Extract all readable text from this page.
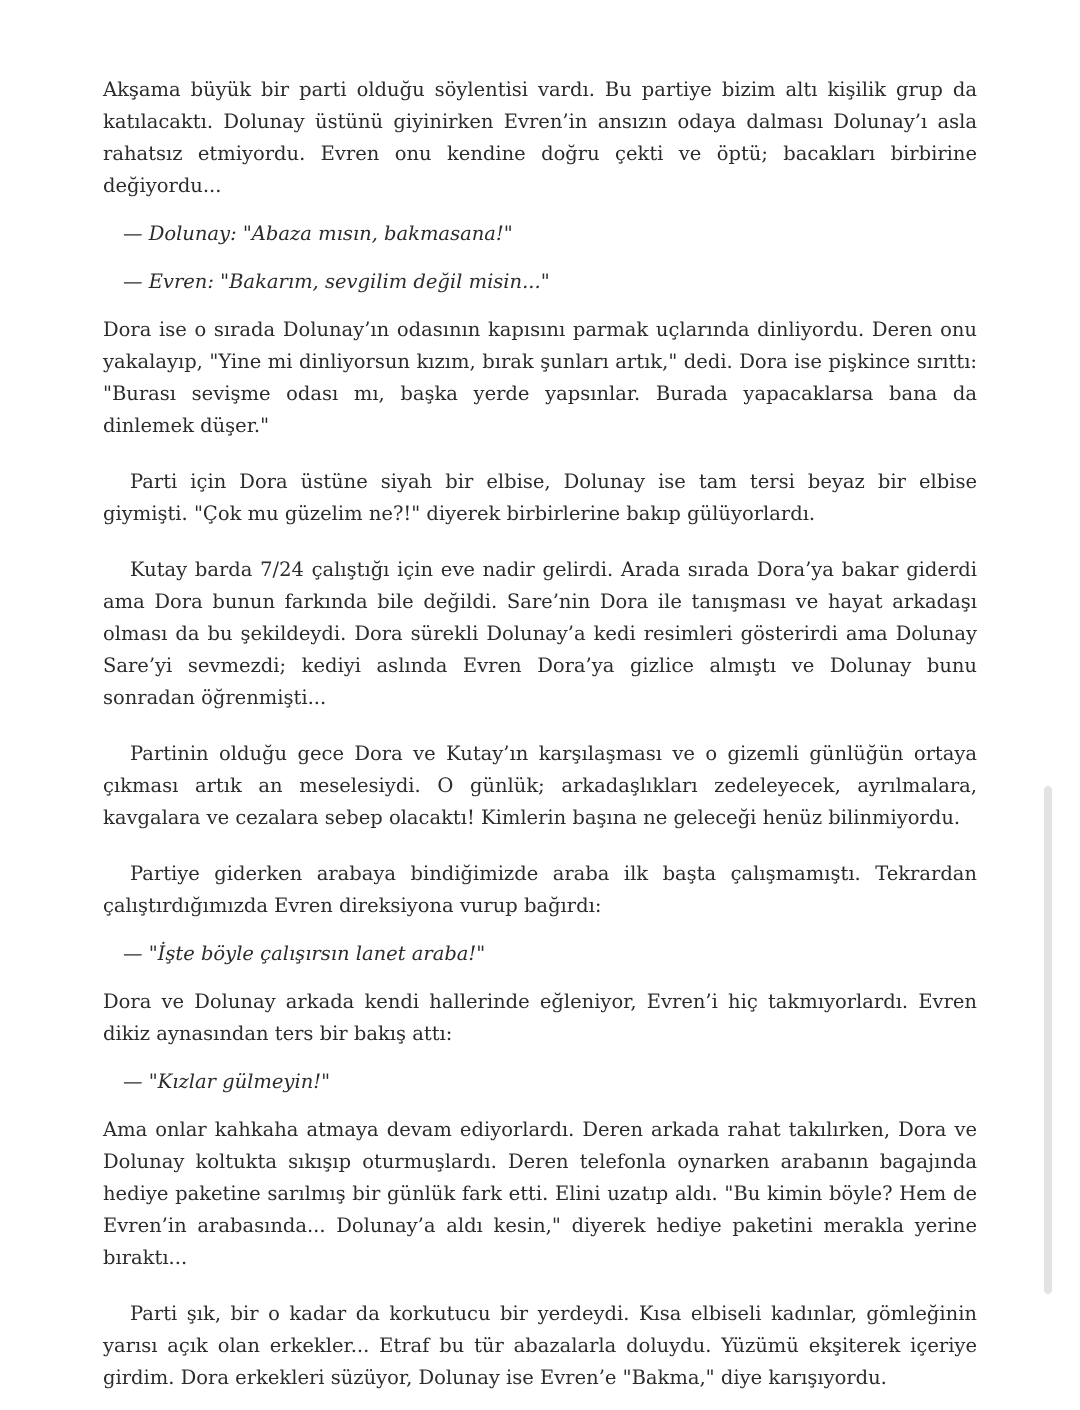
Akşama büyük bir parti olduğu söylentisi vardı. Bu partiye bizim altı kişilik grup da katılacaktı. Dolunay üstünü giyinirken Evren’in ansızın odaya dalması Dolunay’ı asla rahatsız etmiyordu. Evren onu kendine doğru çekti ve öptü; bacakları birbirine değiyordu...

— Dolunay: "Abaza mısın, bakmasana!"

— Evren: "Bakarım, sevgilim değil misin..."

Dora ise o sırada Dolunay’ın odasının kapısını parmak uçlarında dinliyordu. Deren onu yakalayıp, "Yine mi dinliyorsun kızım, bırak şunları artık," dedi. Dora ise pişkince sırıttı: "Burası sevişme odası mı, başka yerde yapsınlar. Burada yapacaklarsa bana da dinlemek düşer."

Parti için Dora üstüne siyah bir elbise, Dolunay ise tam tersi beyaz bir elbise giymişti. "Çok mu güzelim ne?!" diyerek birbirlerine bakıp gülüyorlardı.

Kutay barda 7/24 çalıştığı için eve nadir gelirdi. Arada sırada Dora’ya bakar giderdi ama Dora bunun farkında bile değildi. Sare’nin Dora ile tanışması ve hayat arkadaşı olması da bu şekildeydi. Dora sürekli Dolunay’a kedi resimleri gösterirdi ama Dolunay Sare’yi sevmezdi; kediyi aslında Evren Dora’ya gizlice almıştı ve Dolunay bunu sonradan öğrenmişti...

Partinin olduğu gece Dora ve Kutay’ın karşılaşması ve o gizemli günlüğün ortaya çıkması artık an meselesiydi. O günlük; arkadaşlıkları zedeleyecek, ayrılmalara, kavgalara ve cezalara sebep olacaktı! Kimlerin başına ne geleceği henüz bilinmiyordu.

Partiye giderken arabaya bindiğimizde araba ilk başta çalışmamıştı. Tekrardan çalıştırdığımızda Evren direksiyona vurup bağırdı:

— "İşte böyle çalışırsın lanet araba!"

Dora ve Dolunay arkada kendi hallerinde eğleniyor, Evren’i hiç takmıyorlardı. Evren dikiz aynasından ters bir bakış attı:

— "Kızlar gülmeyin!"

Ama onlar kahkaha atmaya devam ediyorlardı. Deren arkada rahat takılırken, Dora ve Dolunay koltukta sıkışıp oturmuşlardı. Deren telefonla oynarken arabanın bagajında hediye paketine sarılmış bir günlük fark etti. Elini uzatıp aldı. "Bu kimin böyle? Hem de Evren’in arabasında... Dolunay’a aldı kesin," diyerek hediye paketini merakla yerine bıraktı...

Parti şık, bir o kadar da korkutucu bir yerdeydi. Kısa elbiseli kadınlar, gömleğinin yarısı açık olan erkekler... Etraf bu tür abazalarla doluydu. Yüzümü ekşiterek içeriye girdim. Dora erkekleri süzüyor, Dolunay ise Evren’e "Bakma," diye karışıyordu.
